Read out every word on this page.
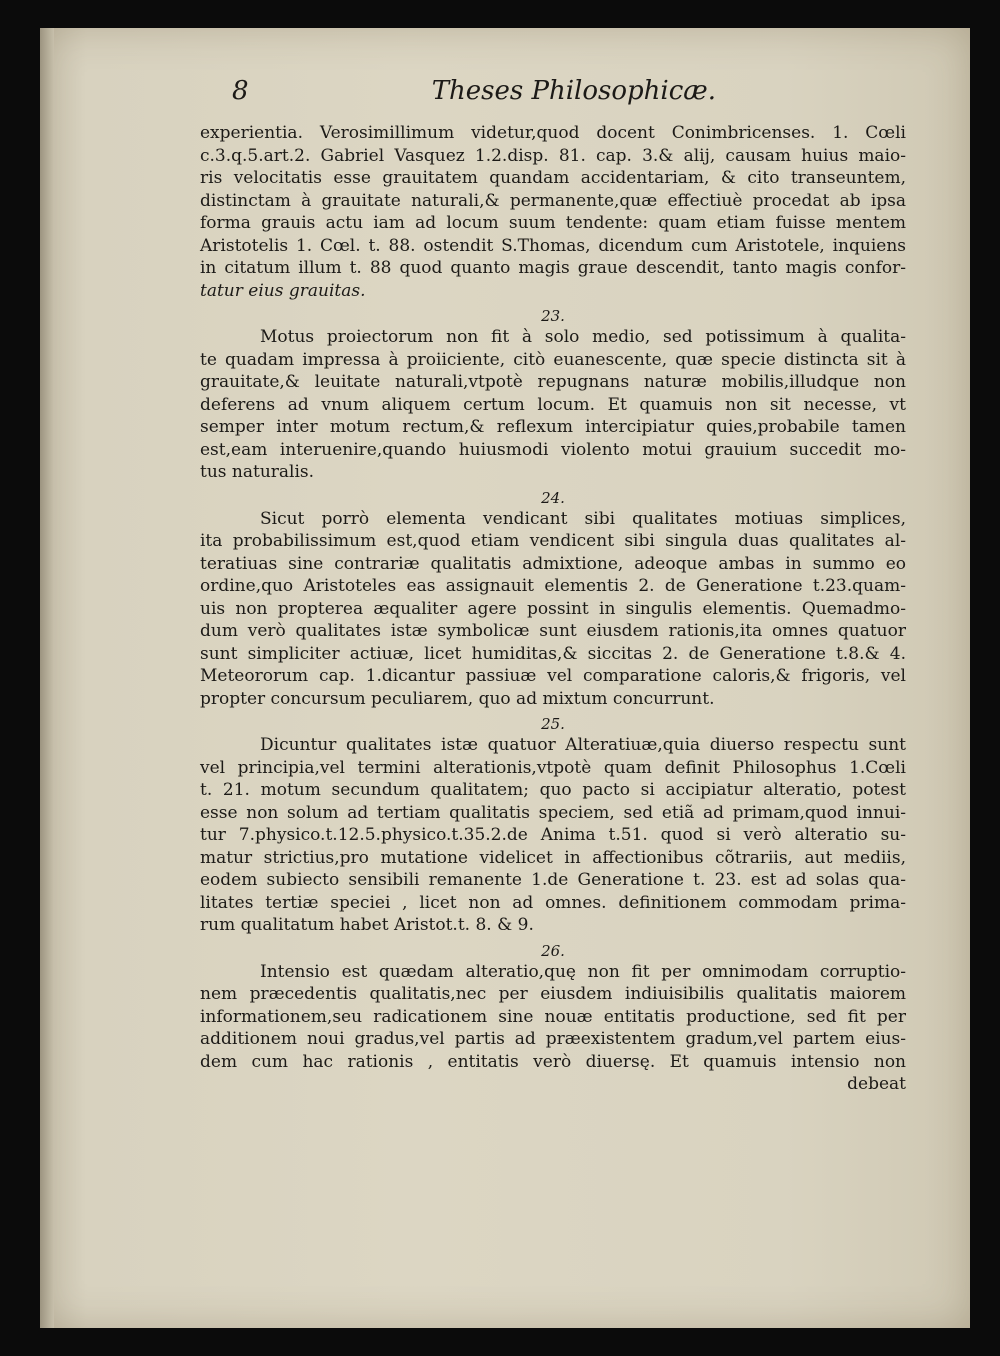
8	Theses Philosophicæ.
experientia. Verosimillimum videtur,quod docent Conimbricenses. 1. Cœli
c.3.q.5.art.2. Gabriel Vasquez 1.2.disp. 81. cap. 3.& alij, causam huius maio-
ris velocitatis esse grauitatem quandam accidentariam, & cito transeuntem,
distinctam à grauitate naturali,& permanente,quæ effectiuè procedat ab ipsa
forma grauis actu iam ad locum suum tendente: quam etiam fuisse mentem
Aristotelis 1. Cœl. t. 88. ostendit S.Thomas, dicendum cum Aristotele, inquiens
in citatum illum t. 88 quod quanto magis graue descendit, tanto magis confor-
tatur eius grauitas.
23.
Motus proiectorum non fit à solo medio, sed potissimum à qualita-
te quadam impressa à proiiciente, citò euanescente, quæ specie distincta sit à
grauitate,& leuitate naturali,vtpotè repugnans naturæ mobilis,illudque non
deferens ad vnum aliquem certum locum. Et quamuis non sit necesse, vt
semper inter motum rectum,& reflexum intercipiatur quies,probabile tamen
est,eam interuenire,quando huiusmodi violento motui grauium succedit mo-
tus naturalis.
24.
Sicut porrò elementa vendicant sibi qualitates motiuas simplices,
ita probabilissimum est,quod etiam vendicent sibi singula duas qualitates al-
teratiuas sine contrariæ qualitatis admixtione, adeoque ambas in summo eo
ordine,quo Aristoteles eas assignauit elementis 2. de Generatione t.23.quam-
uis non propterea æqualiter agere possint in singulis elementis. Quemadmo-
dum verò qualitates istæ symbolicæ sunt eiusdem rationis,ita omnes quatuor
sunt simpliciter actiuæ, licet humiditas,& siccitas 2. de Generatione t.8.& 4.
Meteororum cap. 1.dicantur passiuæ vel comparatione caloris,& frigoris, vel
propter concursum peculiarem, quo ad mixtum concurrunt.
25.
Dicuntur qualitates istæ quatuor Alteratiuæ,quia diuerso respectu sunt
vel principia,vel termini alterationis,vtpotè quam definit Philosophus 1.Cœli
t. 21. motum secundum qualitatem; quo pacto si accipiatur alteratio, potest
esse non solum ad tertiam qualitatis speciem, sed etiã ad primam,quod innui-
tur 7.physico.t.12.5.physico.t.35.2.de Anima t.51. quod si verò alteratio su-
matur strictius,pro mutatione videlicet in affectionibus cõtrariis, aut mediis,
eodem subiecto sensibili remanente 1.de Generatione t. 23. est ad solas qua-
litates tertiæ speciei , licet non ad omnes. definitionem commodam prima-
rum qualitatum habet Aristot.t. 8. & 9.
26.
Intensio est quædam alteratio,quę non fit per omnimodam corruptio-
nem præcedentis qualitatis,nec per eiusdem indiuisibilis qualitatis maiorem
informationem,seu radicationem sine nouæ entitatis productione, sed fit per
additionem noui gradus,vel partis ad præexistentem gradum,vel partem eius-
dem cum hac rationis , entitatis verò diuersę. Et quamuis intensio non
debeat
